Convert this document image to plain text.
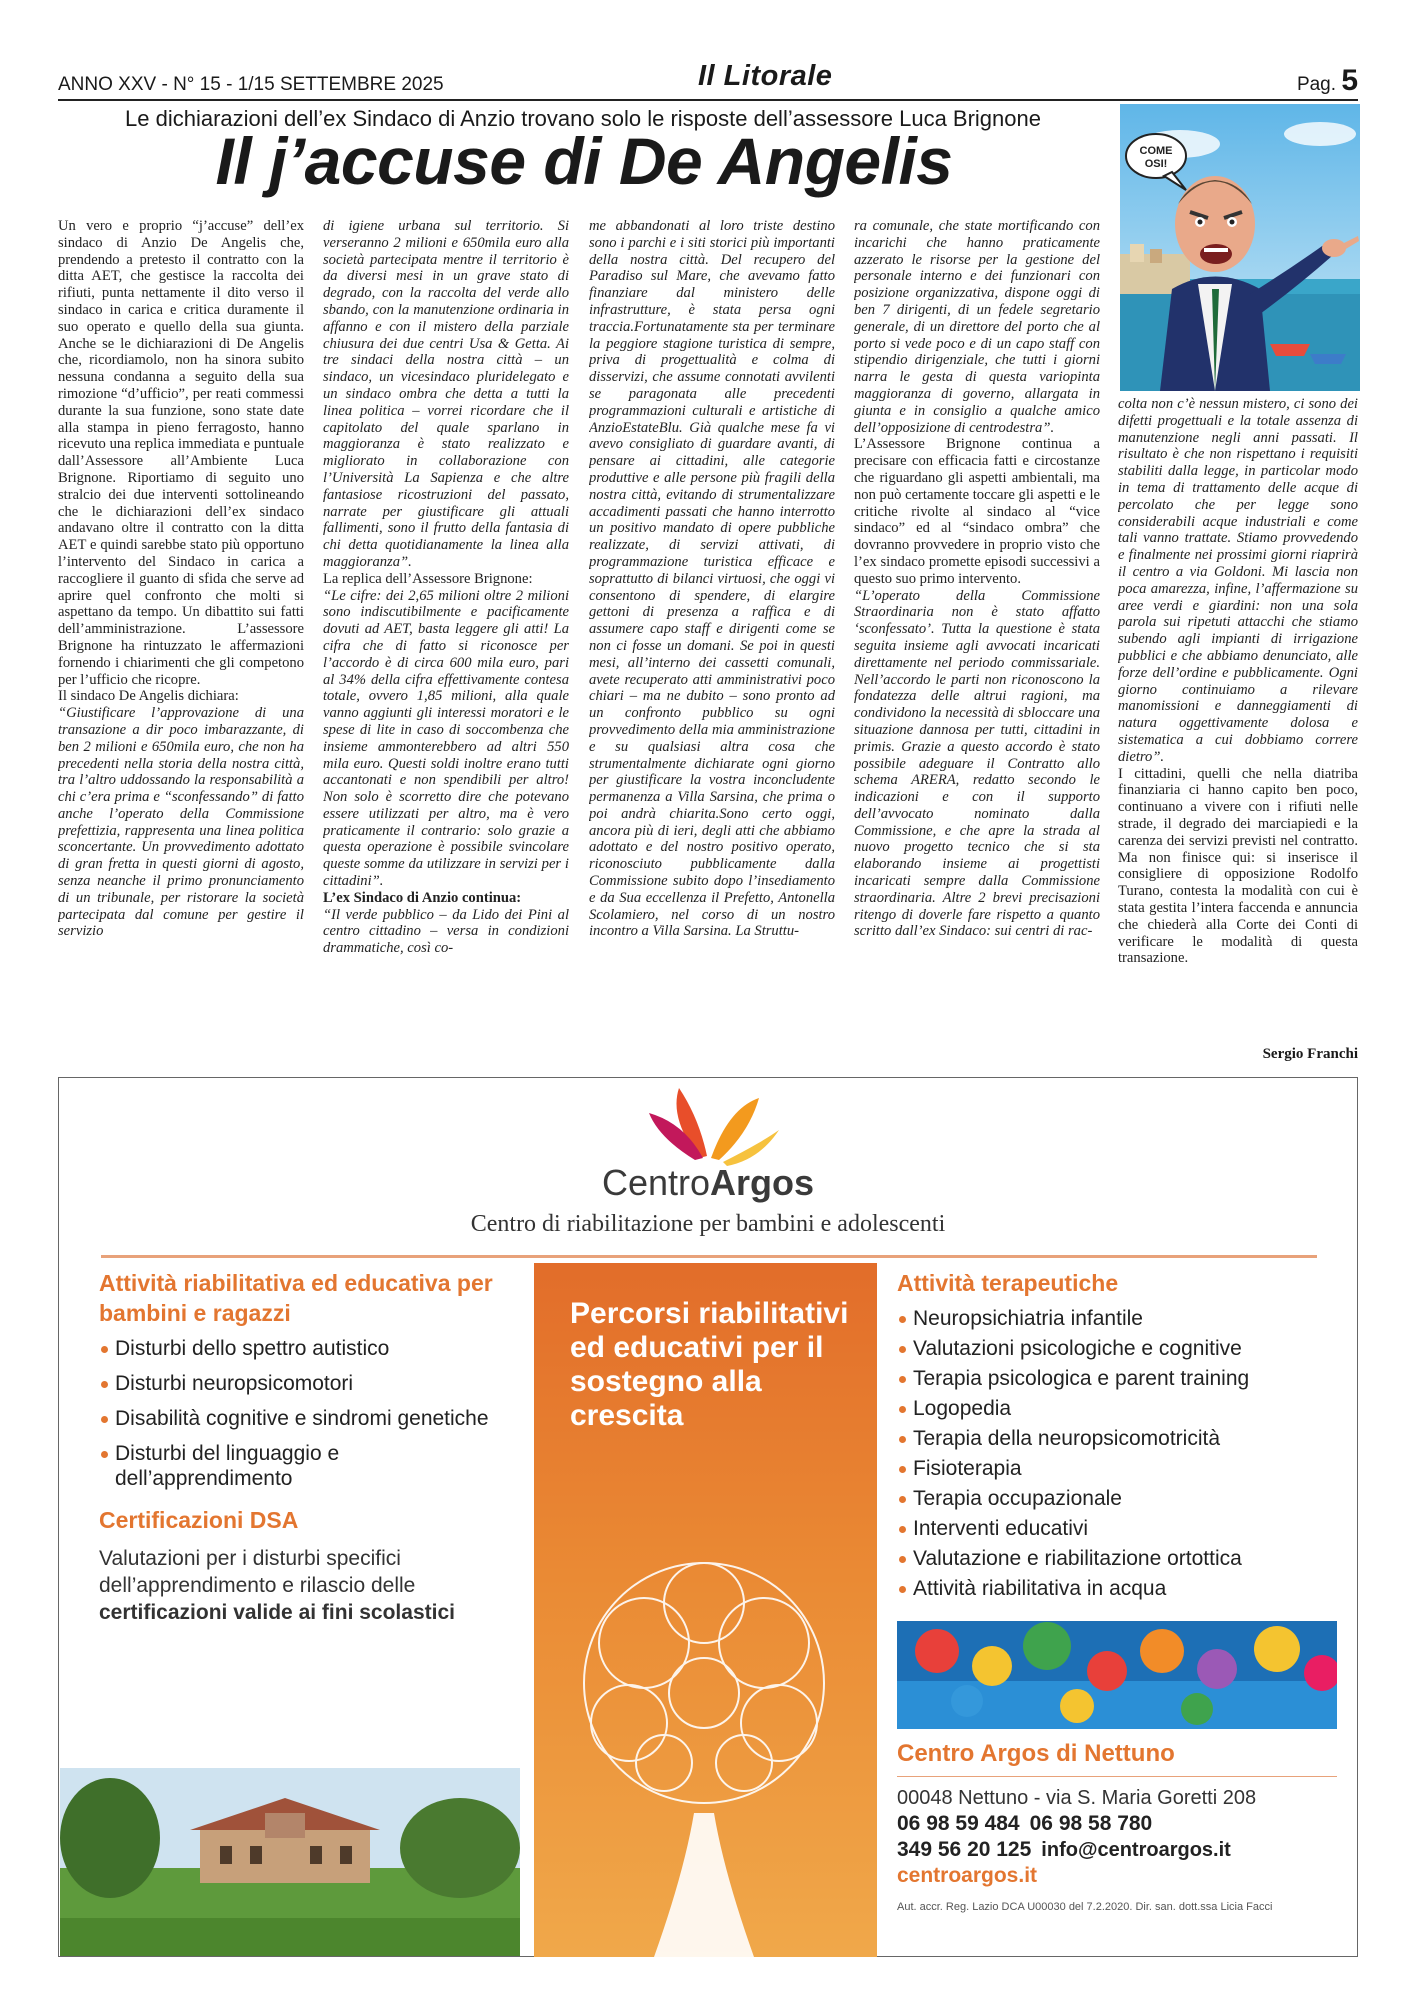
ANNO XXV - N° 15 - 1/15 SETTEMBRE 2025	Il Litorale	Pag. 5
Le dichiarazioni dell’ex Sindaco di Anzio trovano solo le risposte dell’assessore Luca Brignone
Il j’accuse di De Angelis

Un vero e proprio “j’accuse” dell’ex sindaco di Anzio De Angelis che, prendendo a pretesto il contratto con la ditta AET, che gestisce la raccolta dei rifiuti, punta nettamente il dito verso il sindaco in carica e critica duramente il suo operato e quello della sua giunta. Anche se le dichiarazioni di De Angelis che, ricordiamolo, non ha sinora subito nessuna condanna a seguito della sua rimozione “d’ufficio”, per reati commessi durante la sua funzione, sono state date alla stampa in pieno ferragosto, hanno ricevuto una replica immediata e puntuale dall’Assessore all’Ambiente Luca Brignone. Riportiamo di seguito uno stralcio dei due interventi sottolineando che le dichiarazioni dell’ex sindaco andavano oltre il contratto con la ditta AET e quindi sarebbe stato più opportuno l’intervento del Sindaco in carica a raccogliere il guanto di sfida che serve ad aprire quel confronto che molti si aspettano da tempo. Un dibattito sui fatti dell’amministrazione. L’assessore Brignone ha rintuzzato le affermazioni fornendo i chiarimenti che gli competono per l’ufficio che ricopre.

Il sindaco De Angelis dichiara:

“Giustificare l’approvazione di una transazione a dir poco imbarazzante, di ben 2 milioni e 650mila euro, che non ha precedenti nella storia della nostra città, tra l’altro uddossando la responsabilità a chi c’era prima e “sconfessando” di fatto anche l’operato della Commissione prefettizia, rappresenta una linea politica sconcertante. Un provvedimento adottato di gran fretta in questi giorni di agosto, senza neanche il primo pronunciamento di un tribunale, per ristorare la società partecipata dal comune per gestire il servizio

di igiene urbana sul territorio. Si verseranno 2 milioni e 650mila euro alla società partecipata mentre il territorio è da diversi mesi in un grave stato di degrado, con la raccolta del verde allo sbando, con la manutenzione ordinaria in affanno e con il mistero della parziale chiusura dei due centri Usa & Getta. Ai tre sindaci della nostra città – un sindaco, un vicesindaco pluridelegato e un sindaco ombra che detta a tutti la linea politica – vorrei ricordare che il capitolato del quale sparlano in maggioranza è stato realizzato e migliorato in collaborazione con l’Università La Sapienza e che altre fantasiose ricostruzioni del passato, narrate per giustificare gli attuali fallimenti, sono il frutto della fantasia di chi detta quotidianamente la linea alla maggioranza”.

La replica dell’Assessore Brignone:

“Le cifre: dei 2,65 milioni oltre 2 milioni sono indiscutibilmente e pacificamente dovuti ad AET, basta leggere gli atti! La cifra che di fatto si riconosce per l’accordo è di circa 600 mila euro, pari al 34% della cifra effettivamente contesa totale, ovvero 1,85 milioni, alla quale vanno aggiunti gli interessi moratori e le spese di lite in caso di soccombenza che insieme ammonterebbero ad altri 550 mila euro. Questi soldi inoltre erano tutti accantonati e non spendibili per altro! Non solo è scorretto dire che potevano essere utilizzati per altro, ma è vero praticamente il contrario: solo grazie a questa operazione è possibile svincolare queste somme da utilizzare in servizi per i cittadini”.

L’ex Sindaco di Anzio continua:

“Il verde pubblico – da Lido dei Pini al centro cittadino – versa in condizioni drammatiche, così co-

me abbandonati al loro triste destino sono i parchi e i siti storici più importanti della nostra città. Del recupero del Paradiso sul Mare, che avevamo fatto finanziare dal ministero delle infrastrutture, è stata persa ogni traccia.Fortunatamente sta per terminare la peggiore stagione turistica di sempre, priva di progettualità e colma di disservizi, che assume connotati avvilenti se paragonata alle precedenti programmazioni culturali e artistiche di AnzioEstateBlu. Già qualche mese fa vi avevo consigliato di guardare avanti, di pensare ai cittadini, alle categorie produttive e alle persone più fragili della nostra città, evitando di strumentalizzare accadimenti passati che hanno interrotto un positivo mandato di opere pubbliche realizzate, di servizi attivati, di programmazione turistica efficace e soprattutto di bilanci virtuosi, che oggi vi consentono di spendere, di elargire gettoni di presenza a raffica e di assumere capo staff e dirigenti come se non ci fosse un domani. Se poi in questi mesi, all’interno dei cassetti comunali, avete recuperato atti amministrativi poco chiari – ma ne dubito – sono pronto ad un confronto pubblico su ogni provvedimento della mia amministrazione e su qualsiasi altra cosa che strumentalmente dichiarate ogni giorno per giustificare la vostra inconcludente permanenza a Villa Sarsina, che prima o poi andrà chiarita.Sono certo oggi, ancora più di ieri, degli atti che abbiamo adottato e del nostro positivo operato, riconosciuto pubblicamente dalla Commissione subito dopo l’insediamento e da Sua eccellenza il Prefetto, Antonella Scolamiero, nel corso di un nostro incontro a Villa Sarsina. La Struttu-

ra comunale, che state mortificando con incarichi che hanno praticamente azzerato le risorse per la gestione del personale interno e dei funzionari con posizione organizzativa, dispone oggi di ben 7 dirigenti, di un fedele segretario generale, di un direttore del porto che al porto si vede poco e di un capo staff con stipendio dirigenziale, che tutti i giorni narra le gesta di questa variopinta maggioranza di governo, allargata in giunta e in consiglio a qualche amico dell’opposizione di centrodestra”.

L’Assessore Brignone continua a precisare con efficacia fatti e circostanze che riguardano gli aspetti ambientali, ma non può certamente toccare gli aspetti e le critiche rivolte al sindaco al “vice sindaco” ed al “sindaco ombra” che dovranno provvedere in proprio visto che l’ex sindaco promette episodi successivi a questo suo primo intervento.

“L’operato della Commissione Straordinaria non è stato affatto ‘sconfessato’. Tutta la questione è stata seguita insieme agli avvocati incaricati direttamente nel periodo commissariale. Nell’accordo le parti non riconoscono la fondatezza delle altrui ragioni, ma condividono la necessità di sbloccare una situazione dannosa per tutti, cittadini in primis. Grazie a questo accordo è stato possibile adeguare il Contratto allo schema ARERA, redatto secondo le indicazioni e con il supporto dell’avvocato nominato dalla Commissione, e che apre la strada al nuovo progetto tecnico che si sta elaborando insieme ai progettisti incaricati sempre dalla Commissione straordinaria. Altre 2 brevi precisazioni ritengo di doverle fare rispetto a quanto scritto dall’ex Sindaco: sui centri di rac-

colta non c’è nessun mistero, ci sono dei difetti progettuali e la totale assenza di manutenzione negli anni passati. Il risultato è che non rispettano i requisiti stabiliti dalla legge, in particolar modo in tema di trattamento delle acque di percolato che per legge sono considerabili acque industriali e come tali vanno trattate. Stiamo provvedendo e finalmente nei prossimi giorni riaprirà il centro a via Goldoni. Mi lascia non poca amarezza, infine, l’affermazione su aree verdi e giardini: non una sola parola sui ripetuti attacchi che stiamo subendo agli impianti di irrigazione pubblici e che abbiamo denunciato, alle forze dell’ordine e pubblicamente. Ogni giorno continuiamo a rilevare manomissioni e danneggiamenti di natura oggettivamente dolosa e sistematica a cui dobbiamo correre dietro”.

I cittadini, quelli che nella diatriba finanziaria ci hanno capito ben poco, continuano a vivere con i rifiuti nelle strade, il degrado dei marciapiedi e la carenza dei servizi previsti nel contratto. Ma non finisce qui: si inserisce il consigliere di opposizione Rodolfo Turano, contesta la modalità con cui è stata gestita l’intera faccenda e annuncia che chiederà alla Corte dei Conti di verificare le modalità di questa transazione.

Sergio Franchi
COME OSI!
CentroArgos
Centro di riabilitazione per bambini e adolescenti
Attività riabilitativa ed educativa per bambini e ragazzi
Disturbi dello spettro autistico
Disturbi neuropsicomotori
Disabilità cognitive e sindromi genetiche
Disturbi del linguaggio e dell’apprendimento
Certificazioni DSA
Valutazioni per i disturbi specifici dell’apprendimento e rilascio delle certificazioni valide ai fini scolastici
Percorsi riabilitativi ed educativi per il sostegno alla crescita
Attività terapeutiche
Neuropsichiatria infantile
Valutazioni psicologiche e cognitive
Terapia psicologica e parent training
Logopedia
Terapia della neuropsicomotricità
Fisioterapia
Terapia occupazionale
Interventi educativi
Valutazione e riabilitazione ortottica
Attività riabilitativa in acqua
Centro Argos di Nettuno
00048 Nettuno - via S. Maria Goretti 208
06 98 59 484 06 98 58 780
349 56 20 125 info@centroargos.it
centroargos.it
Aut. accr. Reg. Lazio DCA U00030 del 7.2.2020. Dir. san. dott.ssa Licia Facci
